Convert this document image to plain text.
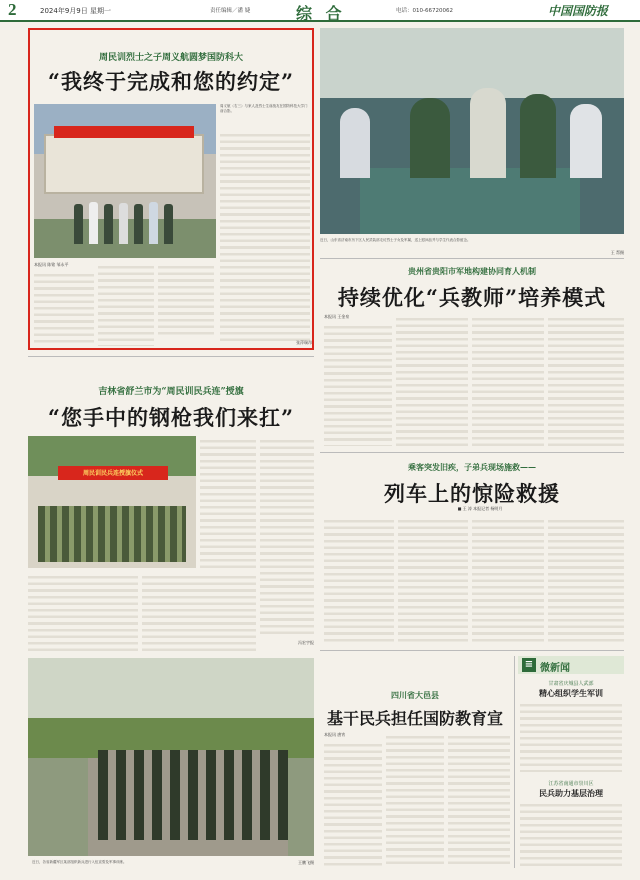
2	2024年9月9日 星期一	责任编辑／潘 婕	综 合	电话：010-66720062	中国国防报
周民训烈士之子周义航圆梦国防科大
“我终于完成和您的约定”
周义航（右三）与家人及烈士生前战友在国防科技大学门前合影。
本报讯 陈铭 邹永平
张萍瑞昂
近日，山东省济南市历下区人民武装部走访烈士子女及军属，送上慰问品并与学生代表合影留念。
王 帮摄
吉林省舒兰市为“周民训民兵连”授旗
“您手中的钢枪我们来扛”
周民训民兵连授旗仪式
冯宏宇报
贵州省贵阳市军地构建协同育人机制
持续优化“兵教师”培养模式
本报讯 王金泉
乘客突发旧疾，子弟兵现场施救——
列车上的惊险救援
■ 王 涛 本报记者 杨明月
近日，各省新疆军区某部组织新兵进行入伍宣誓及军事训练。	王鹏飞摄
四川省大邑县
基干民兵担任国防教育宣
本报讯 唐宵
≡ 微新闻
甘肃省庆城县人武部
精心组织学生军训
江苏省南通市崇川区
民兵助力基层治理
